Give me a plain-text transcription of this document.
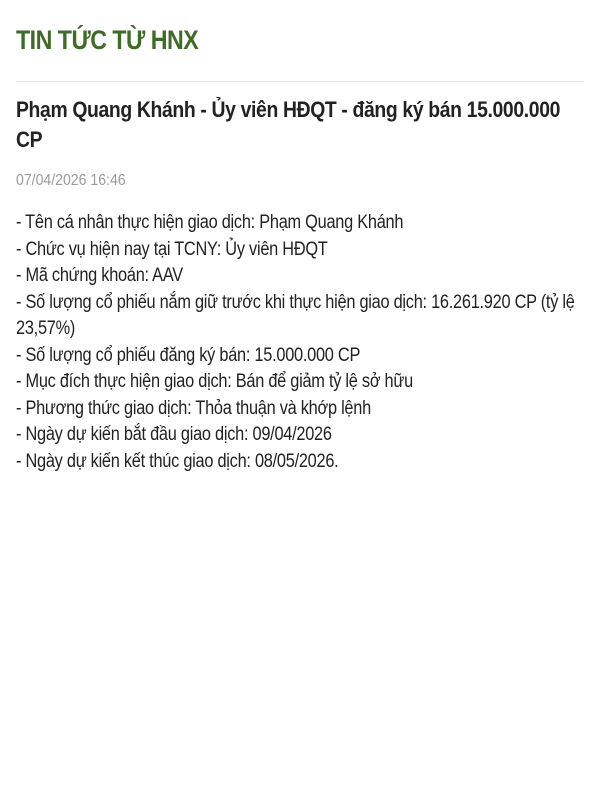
TIN TỨC TỪ HNX
Phạm Quang Khánh - Ủy viên HĐQT - đăng ký bán 15.000.000 CP
07/04/2026 16:46
- Tên cá nhân thực hiện giao dịch: Phạm Quang Khánh
- Chức vụ hiện nay tại TCNY: Ủy viên HĐQT
- Mã chứng khoán: AAV
- Số lượng cổ phiếu nắm giữ trước khi thực hiện giao dịch: 16.261.920 CP (tỷ lệ 23,57%)
- Số lượng cổ phiếu đăng ký bán: 15.000.000 CP
- Mục đích thực hiện giao dịch: Bán để giảm tỷ lệ sở hữu
- Phương thức giao dịch: Thỏa thuận và khớp lệnh
- Ngày dự kiến bắt đầu giao dịch: 09/04/2026
- Ngày dự kiến kết thúc giao dịch: 08/05/2026.
